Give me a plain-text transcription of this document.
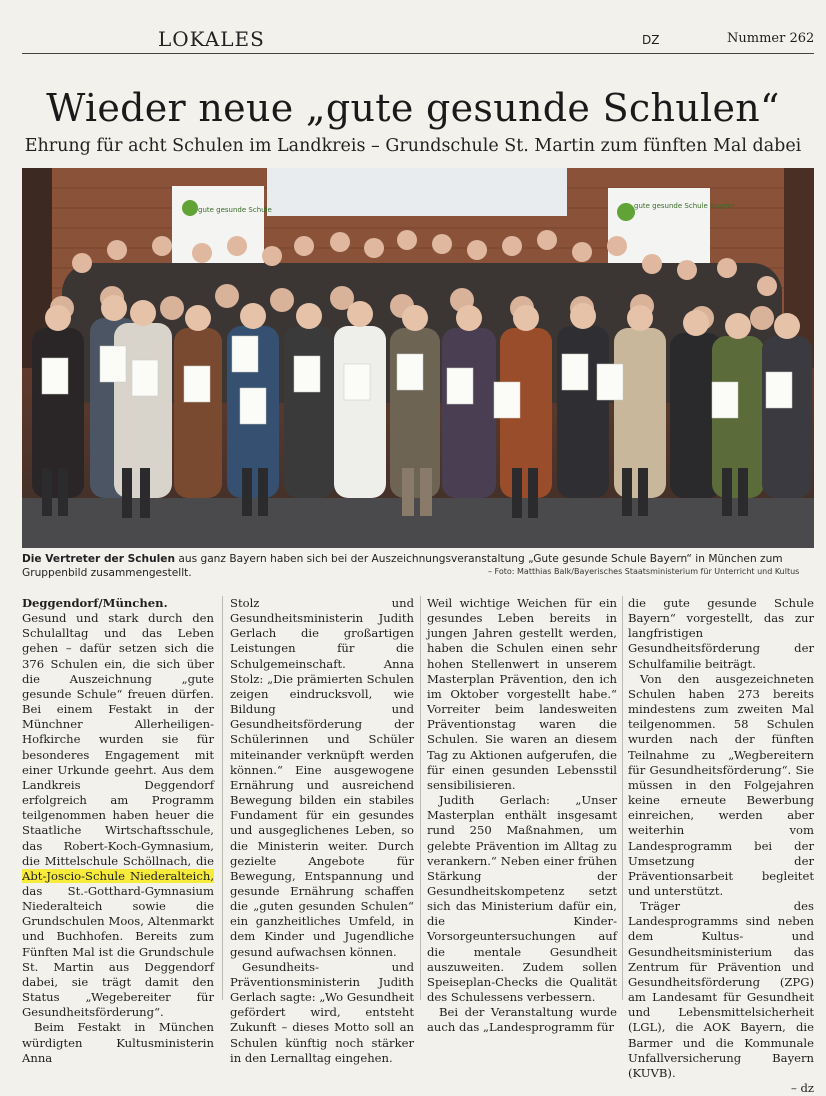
LOKALES	DZ	Nummer 262
Wieder neue „gute gesunde Schulen“
Ehrung für acht Schulen im Landkreis – Grundschule St. Martin zum fünften Mal dabei
gute gesunde Schule	gute gesunde Schule Bayern
Die Vertreter der Schulen aus ganz Bayern haben sich bei der Auszeichnungsveranstaltung „Gute gesunde Schule Bayern“ in München zum Gruppenbild zusammengestellt.	– Foto: Matthias Balk/Bayerisches Staatsministerium für Unterricht und Kultus

Deggendorf/München. Gesund und stark durch den Schulalltag und das Leben gehen – dafür setzen sich die 376 Schulen ein, die sich über die Auszeichnung „gute gesunde Schule“ freuen dürfen. Bei einem Festakt in der Münchner Allerheiligen-Hofkirche wurden sie für besonderes Engagement mit einer Urkunde geehrt. Aus dem Landkreis Deggendorf erfolgreich am Programm teilgenommen haben heuer die Staatliche Wirtschaftsschule, das Robert-Koch-Gymnasium, die Mittelschule Schöllnach, die Abt-Joscio-Schule Niederalteich, das St.-Gotthard-Gymnasium Niederalteich sowie die Grundschulen Moos, Altenmarkt und Buchhofen. Bereits zum Fünften Mal ist die Grundschule St. Martin aus Deggendorf dabei, sie trägt damit den Status „Wegebereiter für Gesundheitsförderung“.

Beim Festakt in München würdigten Kultusministerin Anna

Stolz und Gesundheitsministerin Judith Gerlach die großartigen Leistungen für die Schulgemeinschaft. Anna Stolz: „Die prämierten Schulen zeigen eindrucksvoll, wie Bildung und Gesundheitsförderung der Schülerinnen und Schüler miteinander verknüpft werden können.“ Eine ausgewogene Ernährung und ausreichend Bewegung bilden ein stabiles Fundament für ein gesundes und ausgeglichenes Leben, so die Ministerin weiter. Durch gezielte Angebote für Bewegung, Entspannung und gesunde Ernährung schaffen die „guten gesunden Schulen“ ein ganzheitliches Umfeld, in dem Kinder und Jugendliche gesund aufwachsen können.

Gesundheits- und Präventionsministerin Judith Gerlach sagte: „Wo Gesundheit gefördert wird, entsteht Zukunft – dieses Motto soll an Schulen künftig noch stärker in den Lernalltag eingehen.

Weil wichtige Weichen für ein gesundes Leben bereits in jungen Jahren gestellt werden, haben die Schulen einen sehr hohen Stellenwert in unserem Masterplan Prävention, den ich im Oktober vorgestellt habe.“ Vorreiter beim landesweiten Präventionstag waren die Schulen. Sie waren an diesem Tag zu Aktionen aufgerufen, die für einen gesunden Lebensstil sensibilisieren.

Judith Gerlach: „Unser Masterplan enthält insgesamt rund 250 Maßnahmen, um gelebte Prävention im Alltag zu verankern.“ Neben einer frühen Stärkung der Gesundheitskompetenz setzt sich das Ministerium dafür ein, die Kinder-Vorsorgeuntersuchungen auf die mentale Gesundheit auszuweiten. Zudem sollen Speiseplan-Checks die Qualität des Schulessens verbessern.

Bei der Veranstaltung wurde auch das „Landesprogramm für

die gute gesunde Schule Bayern“ vorgestellt, das zur langfristigen Gesundheitsförderung der Schulfamilie beiträgt.

Von den ausgezeichneten Schulen haben 273 bereits mindestens zum zweiten Mal teilgenommen. 58 Schulen wurden nach der fünften Teilnahme zu „Wegbereitern für Gesundheitsförderung“. Sie müssen in den Folgejahren keine erneute Bewerbung einreichen, werden aber weiterhin vom Landesprogramm bei der Umsetzung der Präventionsarbeit begleitet und unterstützt.

Träger des Landesprogramms sind neben dem Kultus- und Gesundheitsministerium das Zentrum für Prävention und Gesundheitsförderung (ZPG) am Landesamt für Gesundheit und Lebensmittelsicherheit (LGL), die AOK Bayern, die Barmer und die Kommunale Unfallversicherung Bayern (KUVB).

– dz
